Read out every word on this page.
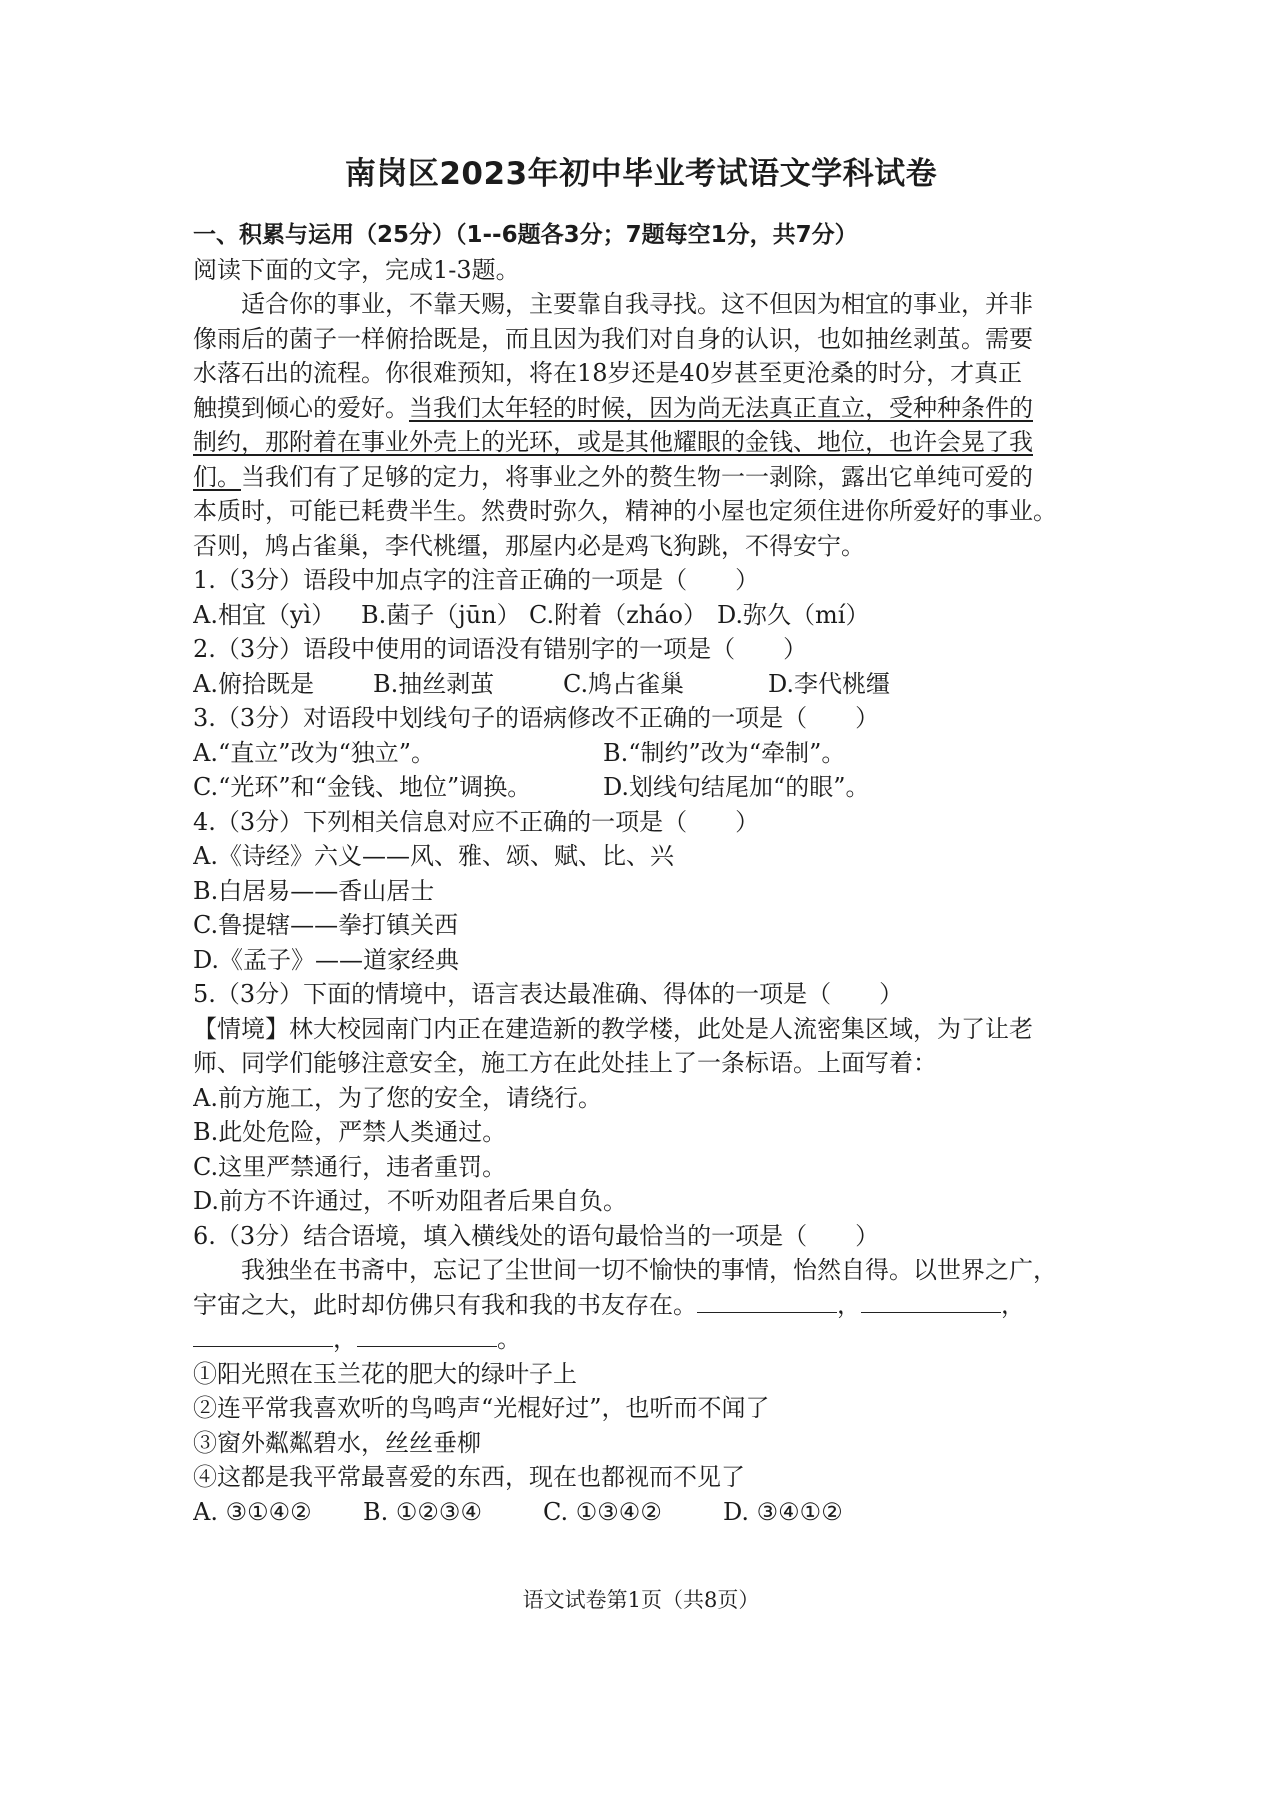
南岗区2023年初中毕业考试语文学科试卷
一、积累与运用（25分）（1--6题各3分；7题每空1分，共7分）
阅读下面的文字，完成1-3题。
适合你的事业，不靠天赐，主要靠自我寻找。这不但因为相宜的事业，并非
像雨后的菌子一样俯拾既是，而且因为我们对自身的认识，也如抽丝剥茧。需要
水落石出的流程。你很难预知，将在18岁还是40岁甚至更沧桑的时分，才真正
触摸到倾心的爱好。当我们太年轻的时候，因为尚无法真正直立，受种种条件的
制约，那附着在事业外壳上的光环，或是其他耀眼的金钱、地位，也许会晃了我
们。当我们有了足够的定力，将事业之外的赘生物一一剥除，露出它单纯可爱的
本质时，可能已耗费半生。然费时弥久，精神的小屋也定须住进你所爱好的事业。
否则，鸠占雀巢，李代桃缰，那屋内必是鸡飞狗跳，不得安宁。
1.（3分）语段中加点字的注音正确的一项是（　　）
A.相宜（yì）	B.菌子（jūn） C.附着（zháo） D.弥久（mí）
2.（3分）语段中使用的词语没有错别字的一项是（　　）
A.俯拾既是	B.抽丝剥茧	C.鸠占雀巢	D.李代桃缰
3.（3分）对语段中划线句子的语病修改不正确的一项是（　　）
A.“直立”改为“独立”。	B.“制约”改为“牵制”。
C.“光环”和“金钱、地位”调换。	D.划线句结尾加“的眼”。
4.（3分）下列相关信息对应不正确的一项是（　　）
A.《诗经》六义——风、雅、颂、赋、比、兴
B.白居易——香山居士
C.鲁提辖——拳打镇关西
D.《孟子》——道家经典
5.（3分）下面的情境中，语言表达最准确、得体的一项是（　　）
【情境】林大校园南门内正在建造新的教学楼，此处是人流密集区域，为了让老
师、同学们能够注意安全，施工方在此处挂上了一条标语。上面写着：
A.前方施工，为了您的安全，请绕行。
B.此处危险，严禁人类通过。
C.这里严禁通行，违者重罚。
D.前方不许通过，不听劝阻者后果自负。
6.（3分）结合语境，填入横线处的语句最恰当的一项是（　　）
我独坐在书斋中，忘记了尘世间一切不愉快的事情，怡然自得。以世界之广，
宇宙之大，此时却仿佛只有我和我的书友存在。	，	，
，	。
①阳光照在玉兰花的肥大的绿叶子上
②连平常我喜欢听的鸟鸣声“光棍好过”，也听而不闻了
③窗外粼粼碧水，丝丝垂柳
④这都是我平常最喜爱的东西，现在也都视而不见了
A. ③①④②	B. ①②③④	C. ①③④②	D. ③④①②
语文试卷第1页（共8页）
